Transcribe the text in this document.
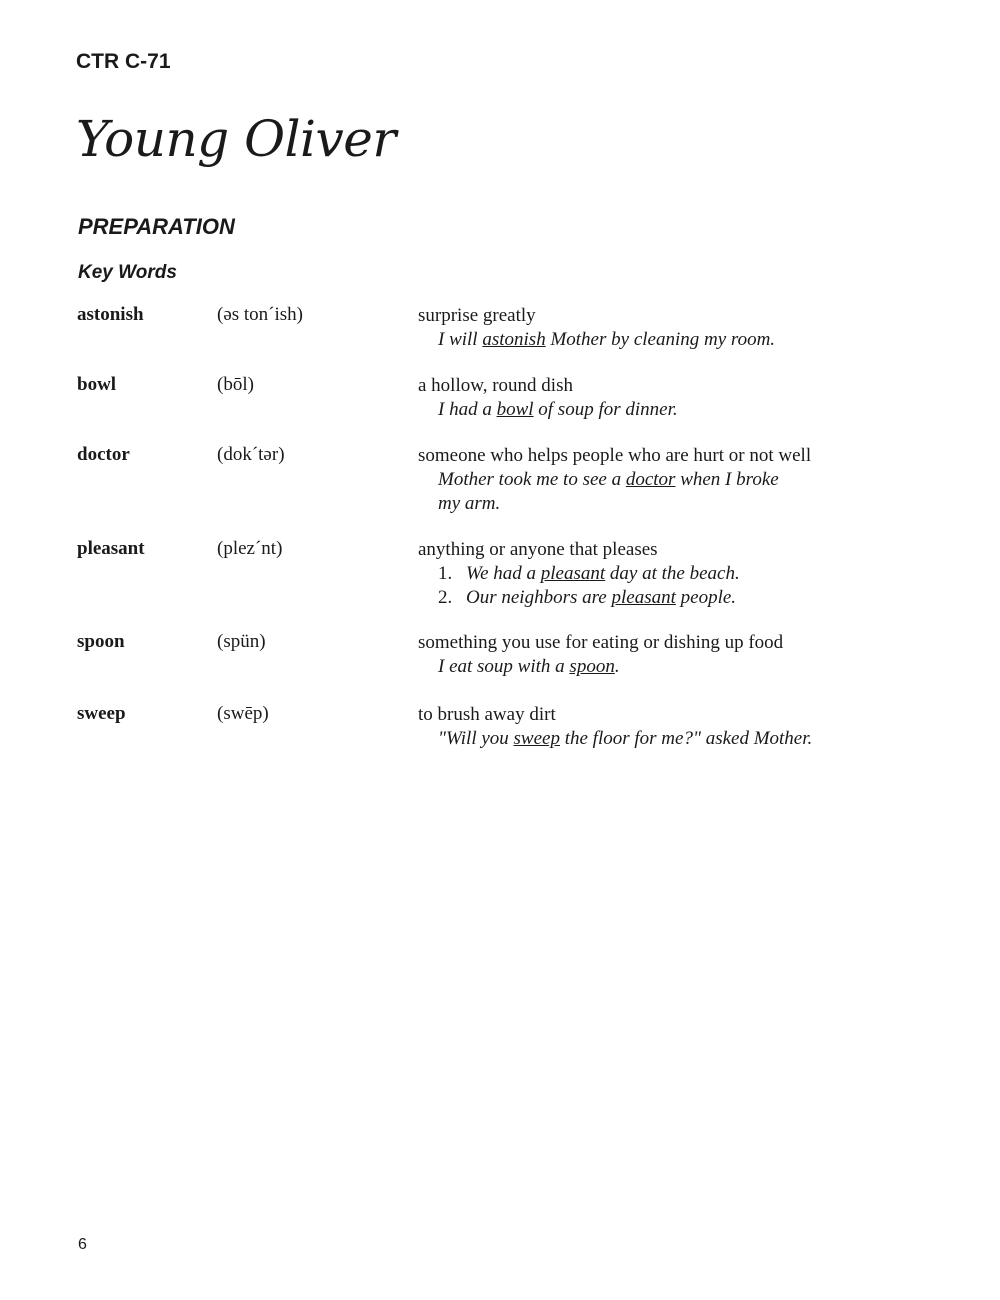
CTR C-71
Young Oliver
PREPARATION
Key Words
astonish	(əs ton´ish)	surprise greatly
I will astonish Mother by cleaning my room.
bowl	(bōl)	a hollow, round dish
I had a bowl of soup for dinner.
doctor	(dok´tər)	someone who helps people who are hurt or not well
Mother took me to see a doctor when I broke
my arm.
pleasant	(plez´nt)	anything or anyone that pleases
1. We had a pleasant day at the beach.
2. Our neighbors are pleasant people.
spoon	(spün)	something you use for eating or dishing up food
I eat soup with a spoon.
sweep	(swēp)	to brush away dirt
"Will you sweep the floor for me?" asked Mother.
6
